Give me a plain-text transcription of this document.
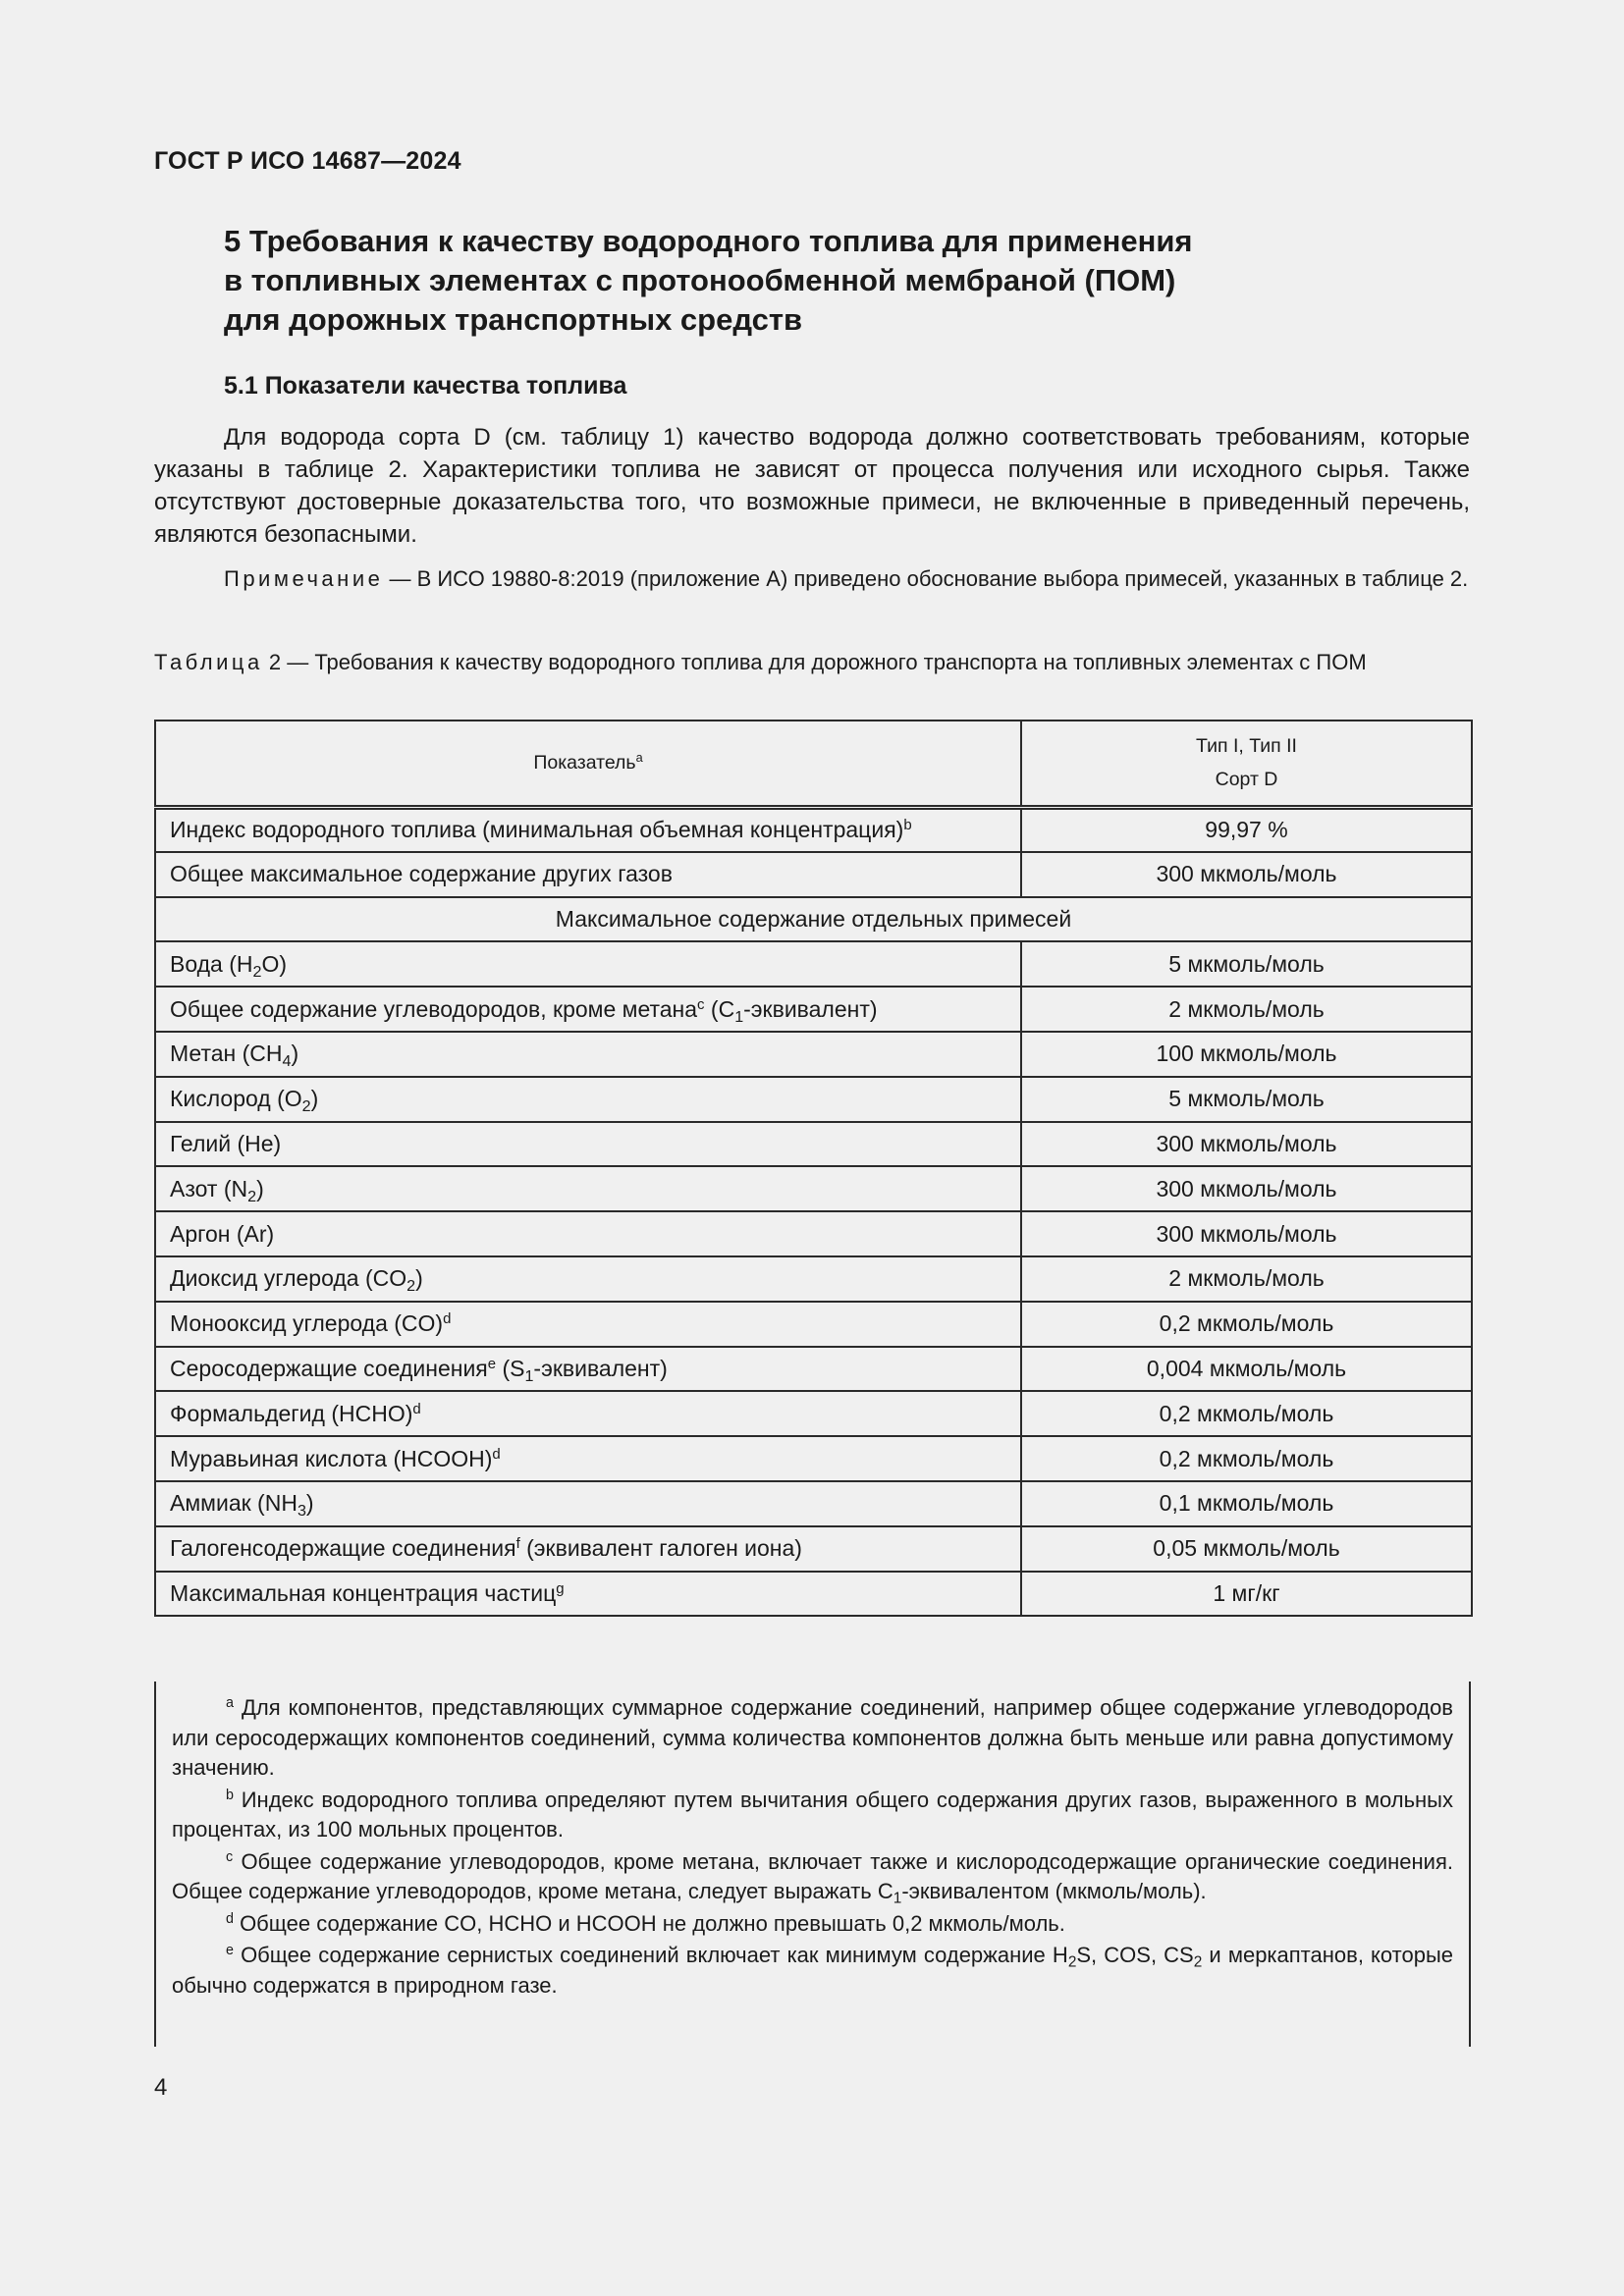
ГОСТ Р ИСО 14687—2024
5 Требования к качеству водородного топлива для применения
в топливных элементах с протонообменной мембраной (ПОМ)
для дорожных транспортных средств
5.1 Показатели качества топлива
Для водорода сорта D (см. таблицу 1) качество водорода должно соответствовать требованиям, которые указаны в таблице 2. Характеристики топлива не зависят от процесса получения или исходного сырья. Также отсутствуют достоверные доказательства того, что возможные примеси, не включенные в приведенный перечень, являются безопасными.
Примечание — В ИСО 19880-8:2019 (приложение А) приведено обоснование выбора примесей, указанных в таблице 2.
Таблица 2 — Требования к качеству водородного топлива для дорожного транспорта на топливных элементах с ПОМ
Показатель$^a$	Тип I, Тип II
Сорт D

Индекс водородного топлива (минимальная объемная концентрация)$^b$	99,97 %
Общее максимальное содержание других газов	300 мкмоль/моль
Максимальное содержание отдельных примесей	
Вода $(H_2O)$	5 мкмоль/моль
Общее содержание углеводородов, кроме метана$^c$ $(C_1-эквивалент)$	2 мкмоль/моль
Метан $(CH_4)$	100 мкмоль/моль
Кислород $(O_2)$	5 мкмоль/моль
Гелий (He)	300 мкмоль/моль
Азот $(N_2)$	300 мкмоль/моль
Аргон (Ar)	300 мкмоль/моль
Диоксид углерода $(CO_2)$	2 мкмоль/моль
Монооксид углерода (CO)$^d$	0,2 мкмоль/моль
Серосодержащие соединения$^e$ $(S_1-эквивалент)$	0,004 мкмоль/моль
Формальдегид (HCHO)$^d$	0,2 мкмоль/моль
Муравьиная кислота (HCOOH)$^d$	0,2 мкмоль/моль
Аммиак $(NH_3)$	0,1 мкмоль/моль
Галогенсодержащие соединения$^f$ (эквивалент галоген иона)	0,05 мкмоль/моль
Максимальная концентрация частиц$^g$	1 мг/кг

$^a$ Для компонентов, представляющих суммарное содержание соединений, например общее содержание углеводородов или серосодержащих компонентов соединений, сумма количества компонентов должна быть меньше или равна допустимому значению.

$^b$ Индекс водородного топлива определяют путем вычитания общего содержания других газов, выраженного в мольных процентах, из 100 мольных процентов.

$^c$ Общее содержание углеводородов, кроме метана, включает также и кислородсодержащие органические соединения. Общее содержание углеводородов, кроме метана, следует выражать $C_1$-эквивалентом (мкмоль/моль).

$^d$ Общее содержание CO, HCHO и HCOOH не должно превышать 0,2 мкмоль/моль.

$^e$ Общее содержание сернистых соединений включает как минимум содержание $H_2S$, COS, $CS_2$ и меркаптанов, которые обычно содержатся в природном газе.

4
